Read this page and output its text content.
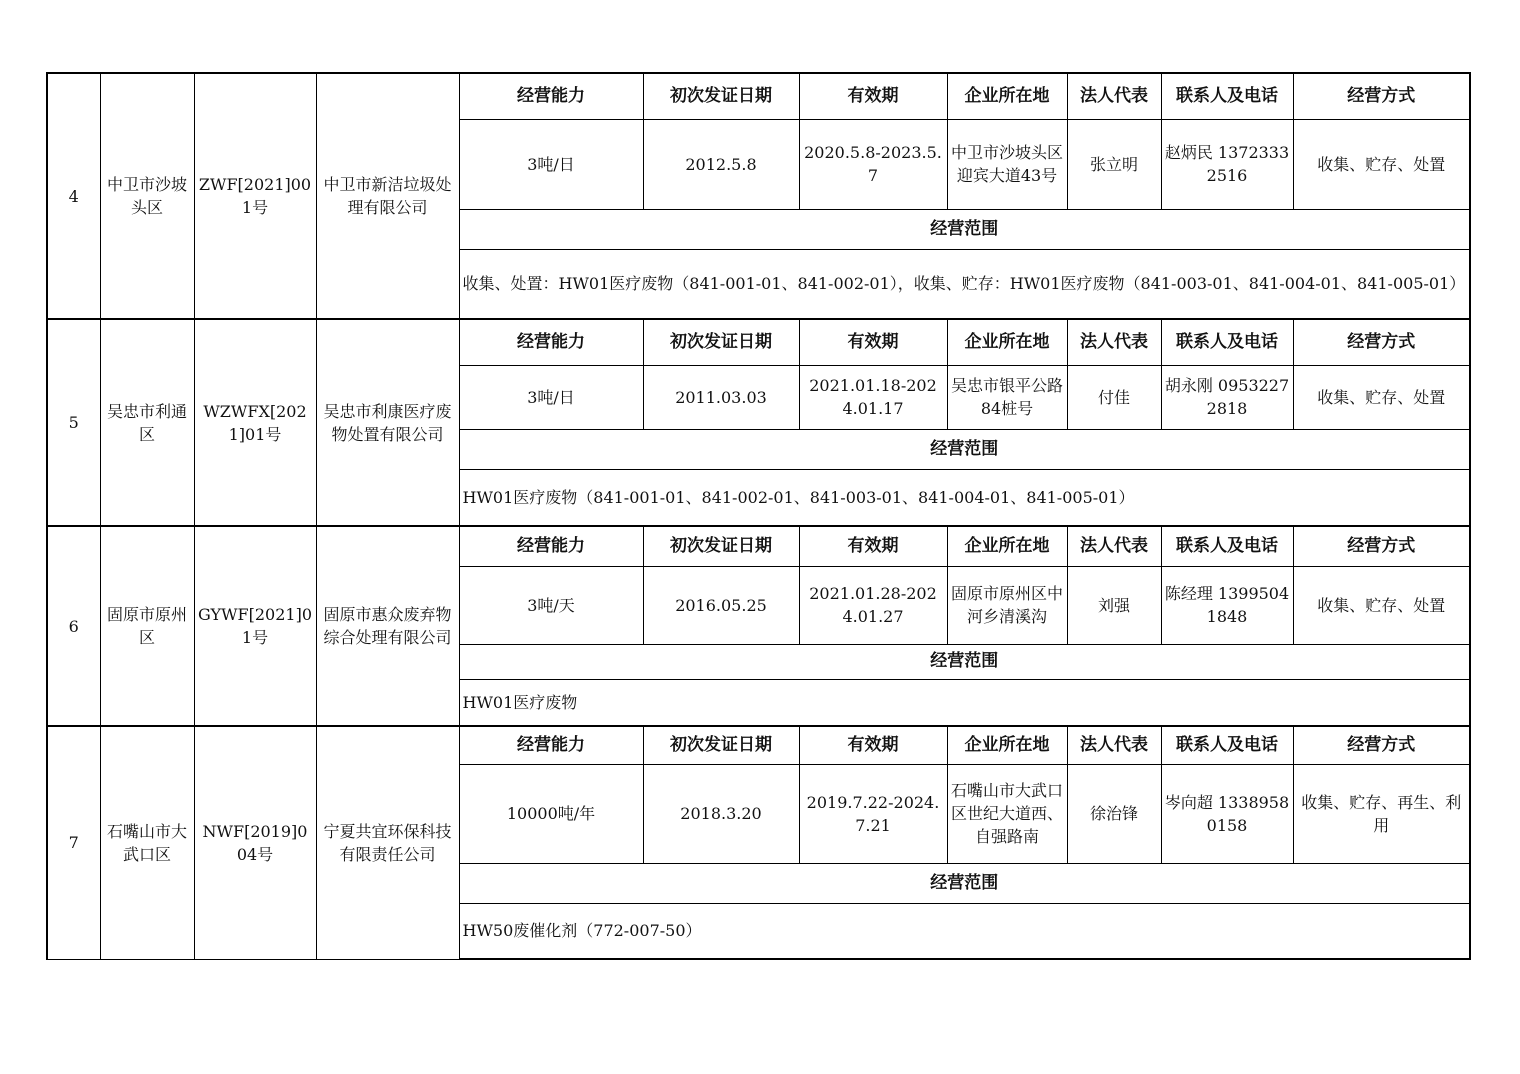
4	中卫市沙坡头区	ZWF[2021]001号	中卫市新洁垃圾处理有限公司	经营能力	初次发证日期	有效期	企业所在地	法人代表	联系人及电话	经营方式
				3吨/日	2012.5.8	2020.5.8-2023.5.7	中卫市沙坡头区迎宾大道43号	张立明	赵炳民 13723332516	收集、贮存、处置
				经营范围						
				收集、处置：HW01医疗废物（841-001-01、841-002-01），收集、贮存：HW01医疗废物（841-003-01、841-004-01、841-005-01）						
5	吴忠市利通区	WZWFX[2021]01号	吴忠市利康医疗废物处置有限公司	经营能力	初次发证日期	有效期	企业所在地	法人代表	联系人及电话	经营方式
				3吨/日	2011.03.03	2021.01.18-2024.01.17	吴忠市银平公路84桩号	付佳	胡永刚 09532272818	收集、贮存、处置
				经营范围						
				HW01医疗废物（841-001-01、841-002-01、841-003-01、841-004-01、841-005-01）						
6	固原市原州区	GYWF[2021]01号	固原市惠众废弃物综合处理有限公司	经营能力	初次发证日期	有效期	企业所在地	法人代表	联系人及电话	经营方式
				3吨/天	2016.05.25	2021.01.28-2024.01.27	固原市原州区中河乡清溪沟	刘强	陈经理 13995041848	收集、贮存、处置
				经营范围						
				HW01医疗废物						
7	石嘴山市大武口区	NWF[2019]004号	宁夏共宜环保科技有限责任公司	经营能力	初次发证日期	有效期	企业所在地	法人代表	联系人及电话	经营方式
				10000吨/年	2018.3.20	2019.7.22-2024.7.21	石嘴山市大武口区世纪大道西、自强路南	徐治锋	岑向超 13389580158	收集、贮存、再生、利用
				经营范围						
				HW50废催化剂（772-007-50）						
